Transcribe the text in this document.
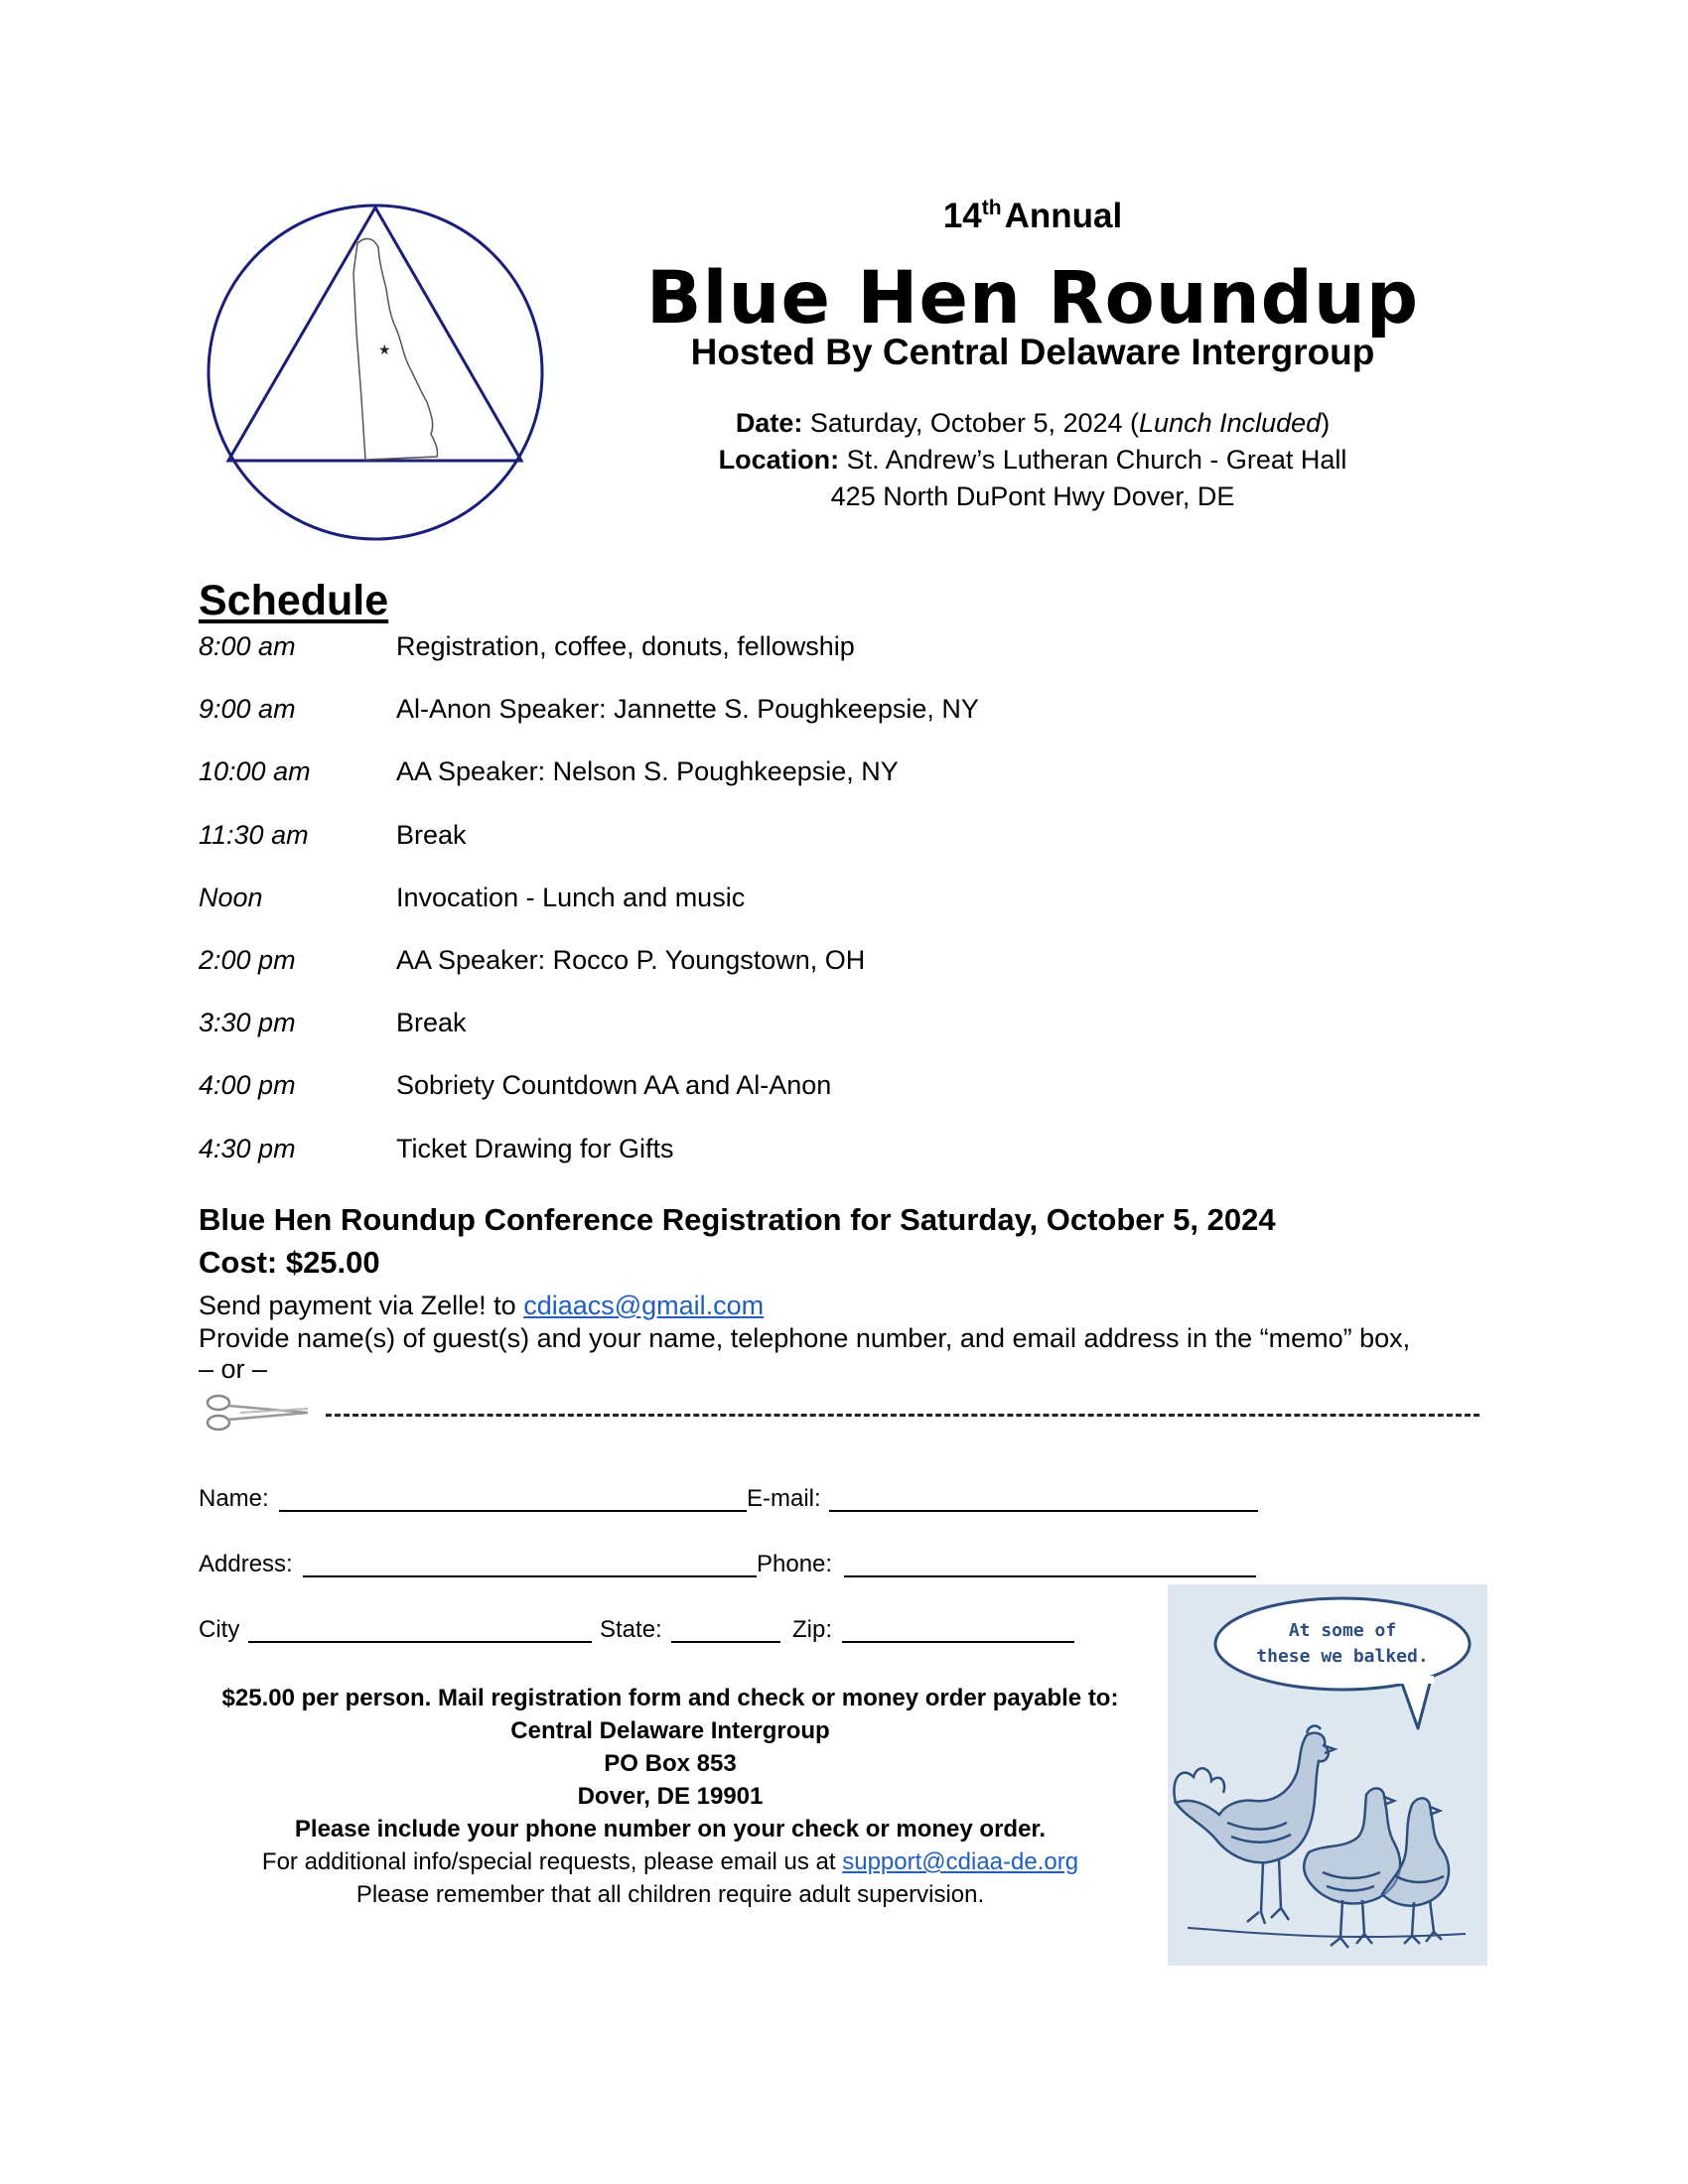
★
14thAnnual
Blue Hen Roundup
Hosted By Central Delaware Intergroup
Date: Saturday, October 5, 2024 (Lunch Included)
Location: St. Andrew’s Lutheran Church - Great Hall
425 North DuPont Hwy Dover, DE
Schedule
8:00 am	Registration, coffee, donuts, fellowship
9:00 am	Al-Anon Speaker: Jannette S. Poughkeepsie, NY
10:00 am	AA Speaker: Nelson S. Poughkeepsie, NY
11:30 am	Break
Noon	Invocation - Lunch and music
2:00 pm	AA Speaker: Rocco P. Youngstown, OH
3:30 pm	Break
4:00 pm	Sobriety Countdown AA and Al-Anon
4:30 pm	Ticket Drawing for Gifts
Blue Hen Roundup Conference Registration for Saturday, October 5, 2024
Cost: $25.00
Send payment via Zelle! to cdiaacs@gmail.com
Provide name(s) of guest(s) and your name, telephone number, and email address in the “memo” box,
– or –
Name:	E-mail:
Address:	Phone:
City	State:	Zip:
$25.00 per person. Mail registration form and check or money order payable to:
Central Delaware Intergroup
PO Box 853
Dover, DE 19901
Please include your phone number on your check or money order.
For additional info/special requests, please email us at support@cdiaa-de.org
Please remember that all children require adult supervision.
At some of
these we balked.
